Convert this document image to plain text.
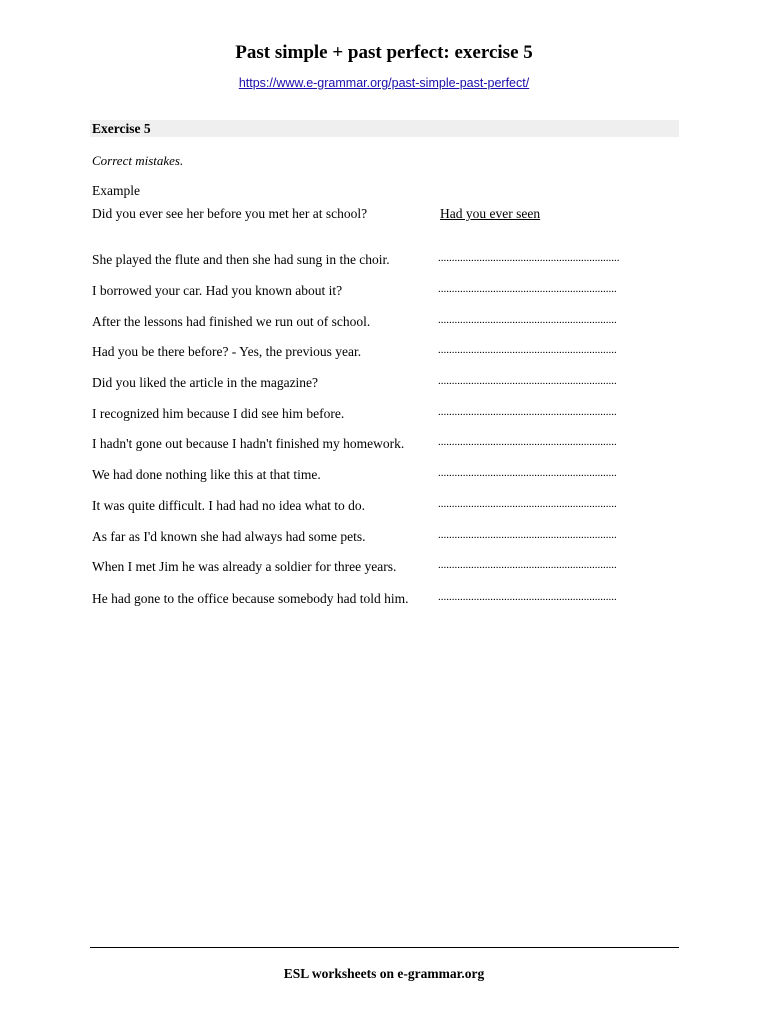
Past simple + past perfect: exercise 5
https://www.e-grammar.org/past-simple-past-perfect/
Exercise 5
Correct mistakes.
Example
Did you ever see her before you met her at school?	Had you ever seen
She played the flute and then she had sung in the choir.	..................................................................
I borrowed your car. Had you known about it?	.................................................................
After the lessons had finished we run out of school.	.................................................................
Had you be there before? - Yes, the previous year.	.................................................................
Did you liked the article in the magazine?	.................................................................
I recognized him because I did see him before.	.................................................................
I hadn't gone out because I hadn't finished my homework.	.................................................................
We had done nothing like this at that time.	.................................................................
It was quite difficult. I had had no idea what to do.	.................................................................
As far as I'd known she had always had some pets.	.................................................................
When I met Jim he was already a soldier for three years.	.................................................................
He had gone to the office because somebody had told him.	.................................................................
ESL worksheets on e-grammar.org
